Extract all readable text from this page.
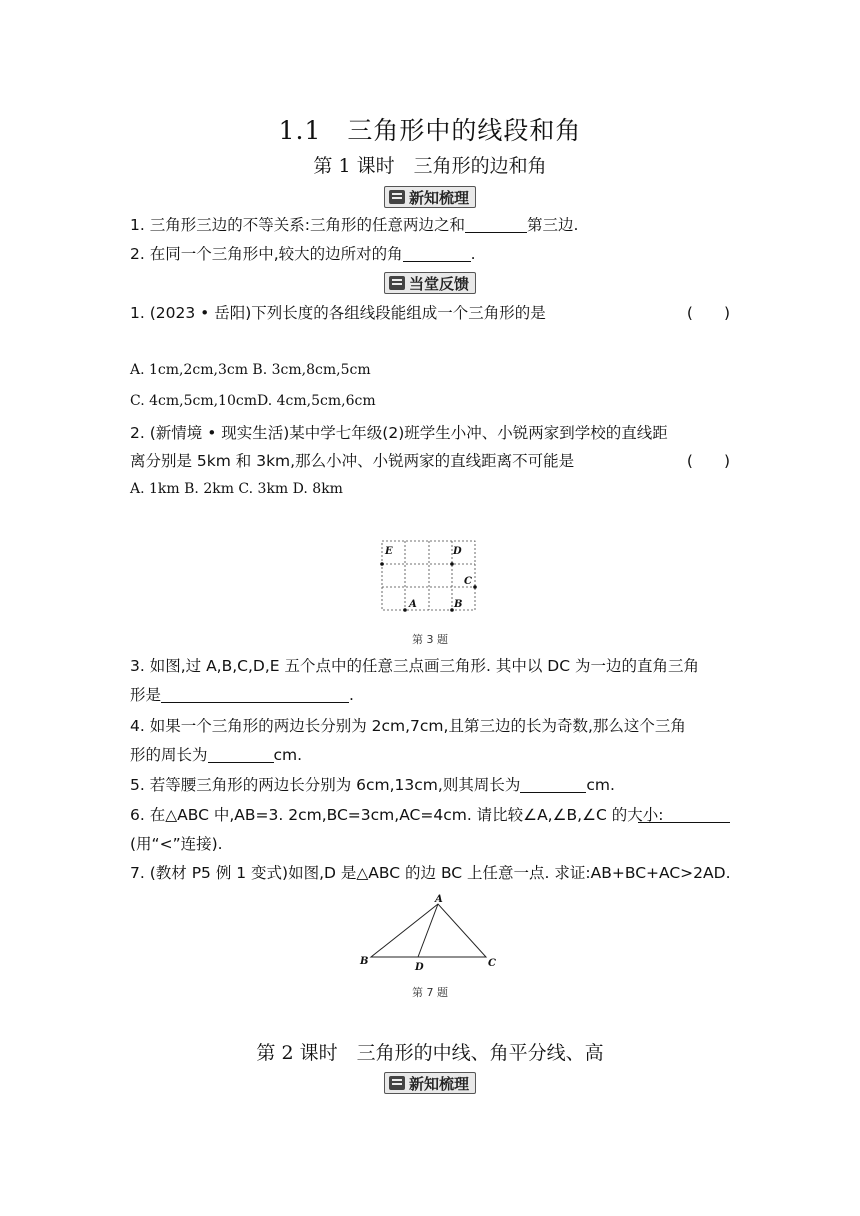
1.1　三角形中的线段和角
第 1 课时　三角形的边和角
新知梳理
1. 三角形三边的不等关系:三角形的任意两边之和	第三边.
2. 在同一个三角形中,较大的边所对的角	.
当堂反馈
1. (2023 • 岳阳)下列长度的各组线段能组成一个三角形的是	(　　)
A. 1cm,2cm,3cm B. 3cm,8cm,5cm
C. 4cm,5cm,10cmD. 4cm,5cm,6cm
2. (新情境 • 现实生活)某中学七年级(2)班学生小冲、小锐两家到学校的直线距
离分别是 5km 和 3km,那么小冲、小锐两家的直线距离不可能是	(　　)
A. 1km B. 2km C. 3km D. 8km
E	D
C
A	B
第 3 题
3. 如图,过 A,B,C,D,E 五个点中的任意三点画三角形. 其中以 DC 为一边的直角三角
形是	.
4. 如果一个三角形的两边长分别为 2cm,7cm,且第三边的长为奇数,那么这个三角
形的周长为	cm.
5. 若等腰三角形的两边长分别为 6cm,13cm,则其周长为	cm.
6. 在△ABC 中,AB=3. 2cm,BC=3cm,AC=4cm. 请比较∠A,∠B,∠C 的大小:
(用“<”连接).
7. (教材 P5 例 1 变式)如图,D 是△ABC 的边 BC 上任意一点. 求证:AB+BC+AC>2AD.
A
B	C
D
第 7 题
第 2 课时　三角形的中线、角平分线、高
新知梳理
